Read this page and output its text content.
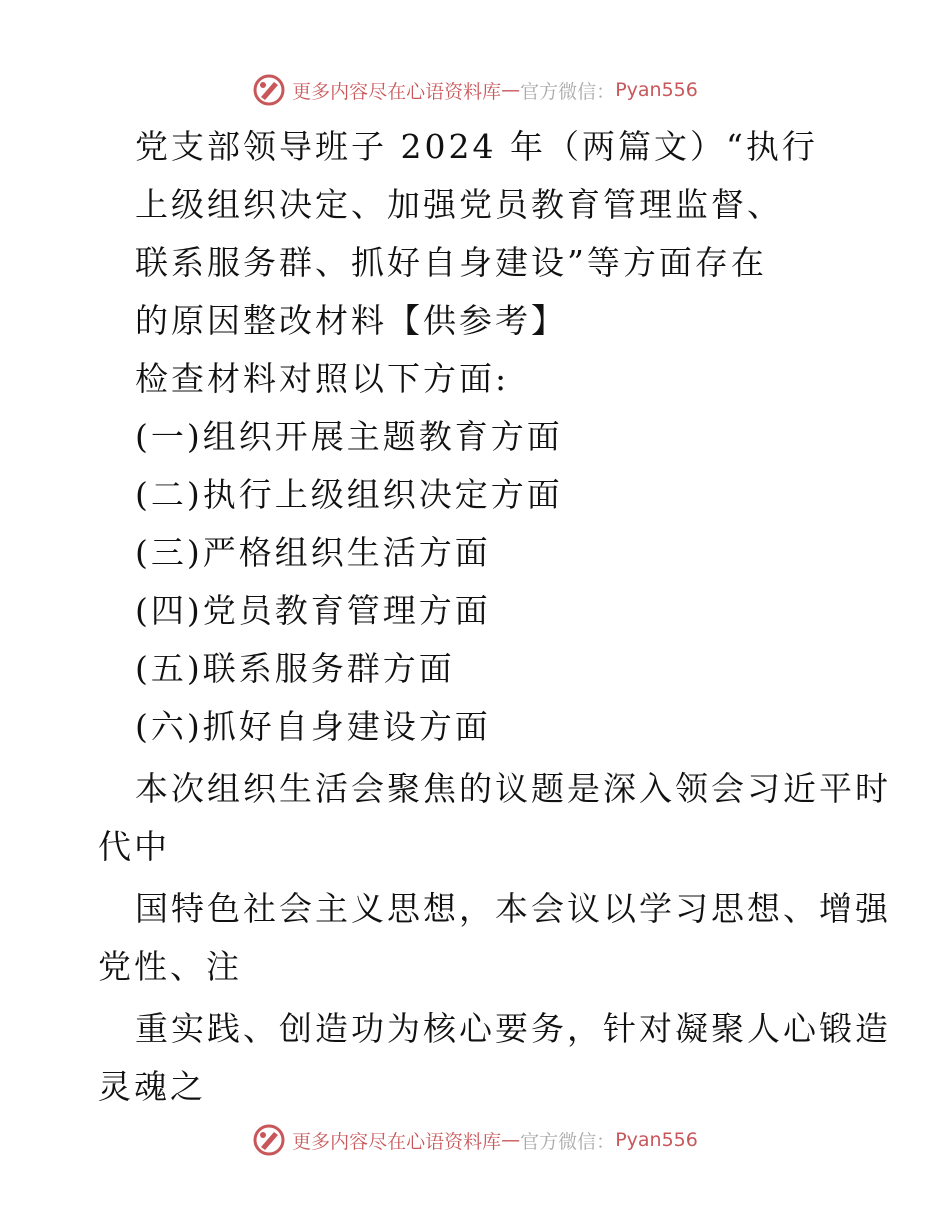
更多内容尽在心语资料库 — 官方微信： Pyan556
党支部领导班子 2024 年（两篇文）“执行
上级组织决定、加强党员教育管理监督、
联系服务群、抓好自身建设”等方面存在
的原因整改材料【供参考】
检查材料对照以下方面:
(一)组织开展主题教育方面
(二)执行上级组织决定方面
(三)严格组织生活方面
(四)党员教育管理方面
(五)联系服务群方面
(六)抓好自身建设方面
本次组织生活会聚焦的议题是深入领会习近平时
代中
国特色社会主义思想，本会议以学习思想、增强
党性、注
重实践、创造功为核心要务，针对凝聚人心锻造
灵魂之
更多内容尽在心语资料库 — 官方微信： Pyan556
